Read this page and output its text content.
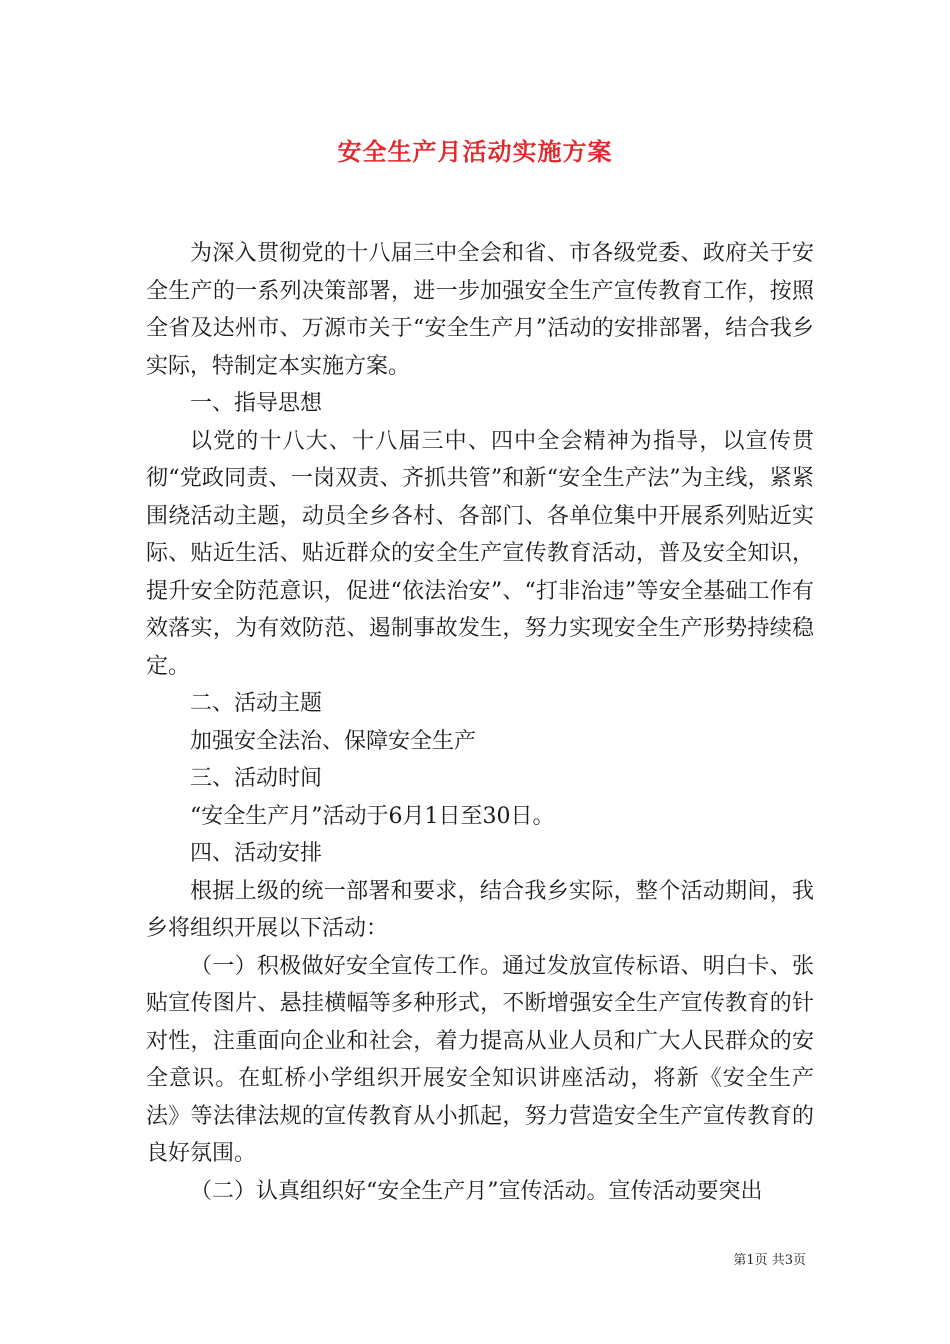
安全生产月活动实施方案

为深入贯彻党的十八届三中全会和省、市各级党委、政府关于安全生产的一系列决策部署，进一步加强安全生产宣传教育工作，按照全省及达州市、万源市关于“安全生产月”活动的安排部署，结合我乡实际，特制定本实施方案。

一、指导思想

以党的十八大、十八届三中、四中全会精神为指导，以宣传贯彻“党政同责、一岗双责、齐抓共管”和新“安全生产法”为主线，紧紧围绕活动主题，动员全乡各村、各部门、各单位集中开展系列贴近实际、贴近生活、贴近群众的安全生产宣传教育活动，普及安全知识，提升安全防范意识，促进“依法治安”、“打非治违”等安全基础工作有效落实，为有效防范、遏制事故发生，努力实现安全生产形势持续稳定。

二、活动主题

加强安全法治、保障安全生产

三、活动时间

“安全生产月”活动于6月1日至30日。

四、活动安排

根据上级的统一部署和要求，结合我乡实际，整个活动期间，我乡将组织开展以下活动：

（一）积极做好安全宣传工作。通过发放宣传标语、明白卡、张贴宣传图片、悬挂横幅等多种形式，不断增强安全生产宣传教育的针对性，注重面向企业和社会，着力提高从业人员和广大人民群众的安全意识。在虹桥小学组织开展安全知识讲座活动，将新《安全生产法》等法律法规的宣传教育从小抓起，努力营造安全生产宣传教育的良好氛围。

（二）认真组织好“安全生产月”宣传活动。宣传活动要突出

第1页 共3页
